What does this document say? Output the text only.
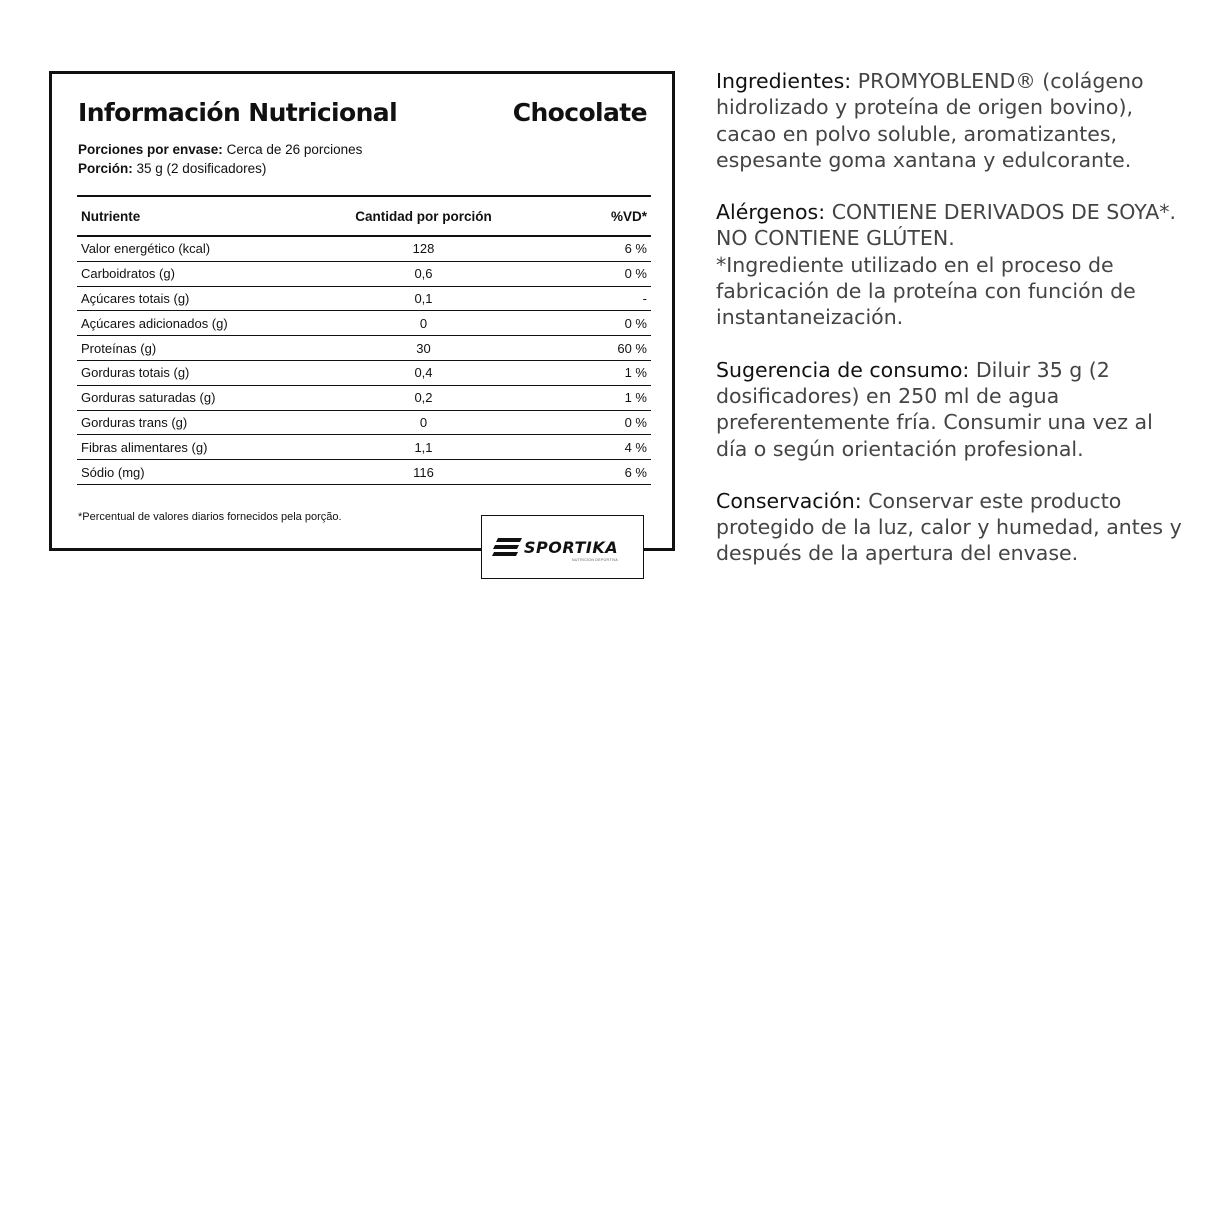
Información Nutricional	Chocolate
Porciones por envase: Cerca de 26 porciones
Porción: 35 g (2 dosificadores)
Nutriente	Cantidad por porción	%VD*
Valor energético (kcal)	128	6 %
Carboidratos (g)	0,6	0 %
Açúcares totais (g)	0,1	-
Açúcares adicionados (g)	0	0 %
Proteínas (g)	30	60 %
Gorduras totais (g)	0,4	1 %
Gorduras saturadas (g)	0,2	1 %
Gorduras trans (g)	0	0 %
Fibras alimentares (g)	1,1	4 %
Sódio (mg)	116	6 %
*Percentual de valores diarios fornecidos pela porção.
SPORTIKA
NUTRICION DEPORTIVA

Ingredientes: PROMYOBLEND® (colágeno hidrolizado y proteína de origen bovino), cacao en polvo soluble, aromatizantes, espesante goma xantana y edulcorante.

Alérgenos: CONTIENE DERIVADOS DE SOYA*. NO CONTIENE GLÚTEN.
*Ingrediente utilizado en el proceso de fabricación de la proteína con función de instantaneización.

Sugerencia de consumo: Diluir 35 g (2 dosificadores) en 250 ml de agua preferentemente fría. Consumir una vez al día o según orientación profesional.

Conservación: Conservar este producto protegido de la luz, calor y humedad, antes y después de la apertura del envase.
